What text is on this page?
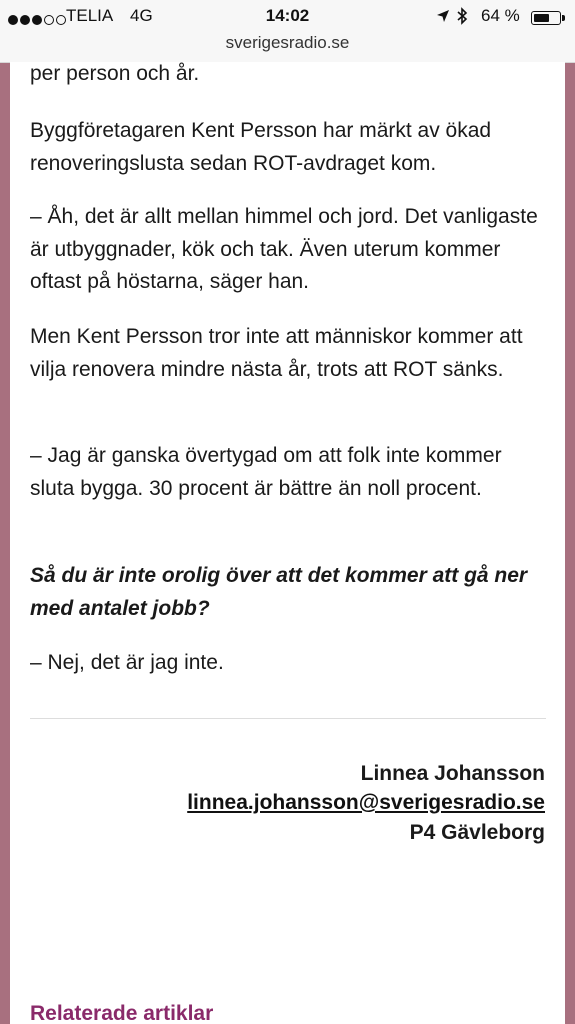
TELIA 4G	14:02	64 %
sverigesradio.se

per person och år.

Byggföretagaren Kent Persson har märkt av ökad renoveringslusta sedan ROT-avdraget kom.

– Åh, det är allt mellan himmel och jord. Det vanligaste är utbyggnader, kök och tak. Även uterum kommer oftast på höstarna, säger han.

Men Kent Persson tror inte att människor kommer att vilja renovera mindre nästa år, trots att ROT sänks.

– Jag är ganska övertygad om att folk inte kommer sluta bygga. 30 procent är bättre än noll procent.

Så du är inte orolig över att det kommer att gå ner med antalet jobb?

– Nej, det är jag inte.

Linnea Johansson
linnea.johansson@sverigesradio.se
P4 Gävleborg
Relaterade artiklar
